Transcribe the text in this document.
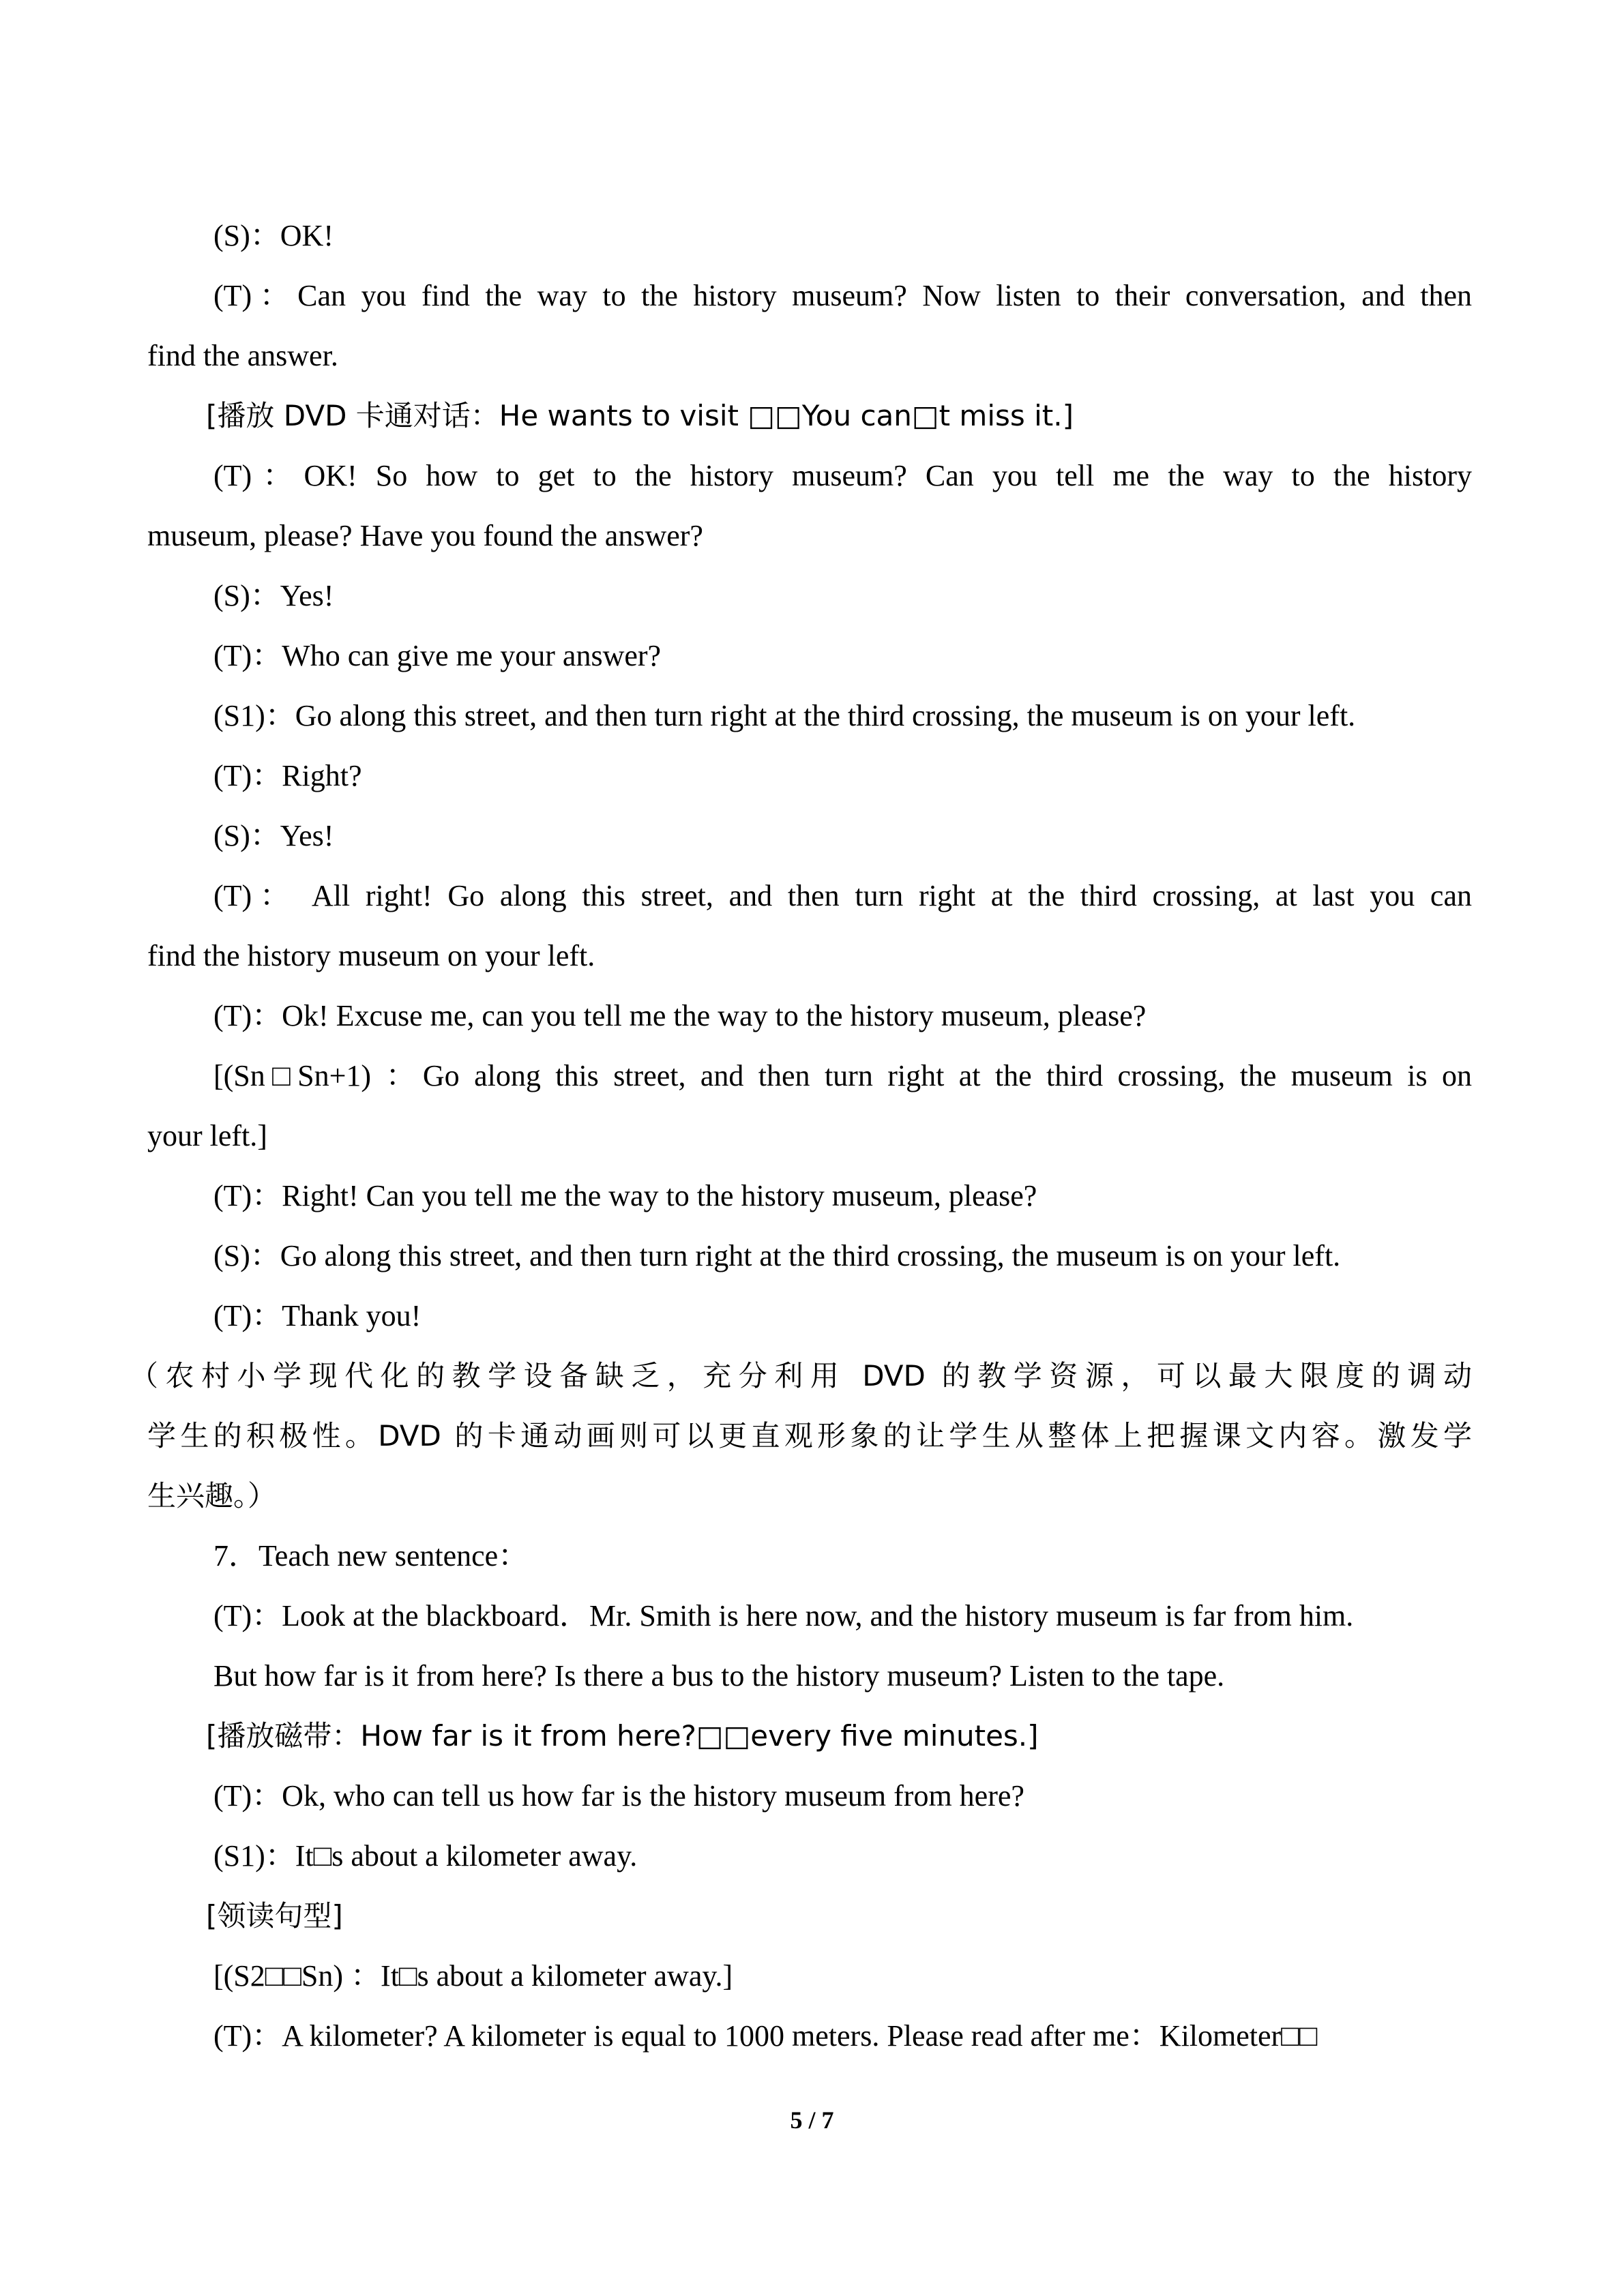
(S)：OK!
(T)：Can you find the way to the history museum? Now listen to their conversation, and then
find the answer.
[播放 DVD 卡通对话：He wants to visit □□You can□t miss it.]
(T)：OK! So how to get to the history museum? Can you tell me the way to the history
museum, please? Have you found the answer?
(S)：Yes!
(T)：Who can give me your answer?
(S1)：Go along this street, and then turn right at the third crossing, the museum is on your left.
(T)：Right?
(S)：Yes!
(T)： All right! Go along this street, and then turn right at the third crossing, at last you can
find the history museum on your left.
(T)：Ok! Excuse me, can you tell me the way to the history museum, please?
[(Sn□Sn+1) ：Go along this street, and then turn right at the third crossing, the museum is on
your left.]
(T)：Right! Can you tell me the way to the history museum, please?
(S)：Go along this street, and then turn right at the third crossing, the museum is on your left.
(T)：Thank you!
（农村小学现代化的教学设备缺乏，充分利用 DVD 的教学资源，可以最大限度的调动
学生的积极性。DVD 的卡通动画则可以更直观形象的让学生从整体上把握课文内容。激发学
生兴趣。）
7．Teach new sentence：
(T)：Look at the blackboard．Mr. Smith is here now, and the history museum is far from him.
But how far is it from here? Is there a bus to the history museum? Listen to the tape.
[播放磁带：How far is it from here?□□every five minutes.]
(T)：Ok, who can tell us how far is the history museum from here?
(S1)：It□s about a kilometer away.
[领读句型]
[(S2□□Sn) ：It□s about a kilometer away.]
(T)：A kilometer? A kilometer is equal to 1000 meters. Please read after me：Kilometer□□
5 / 7
